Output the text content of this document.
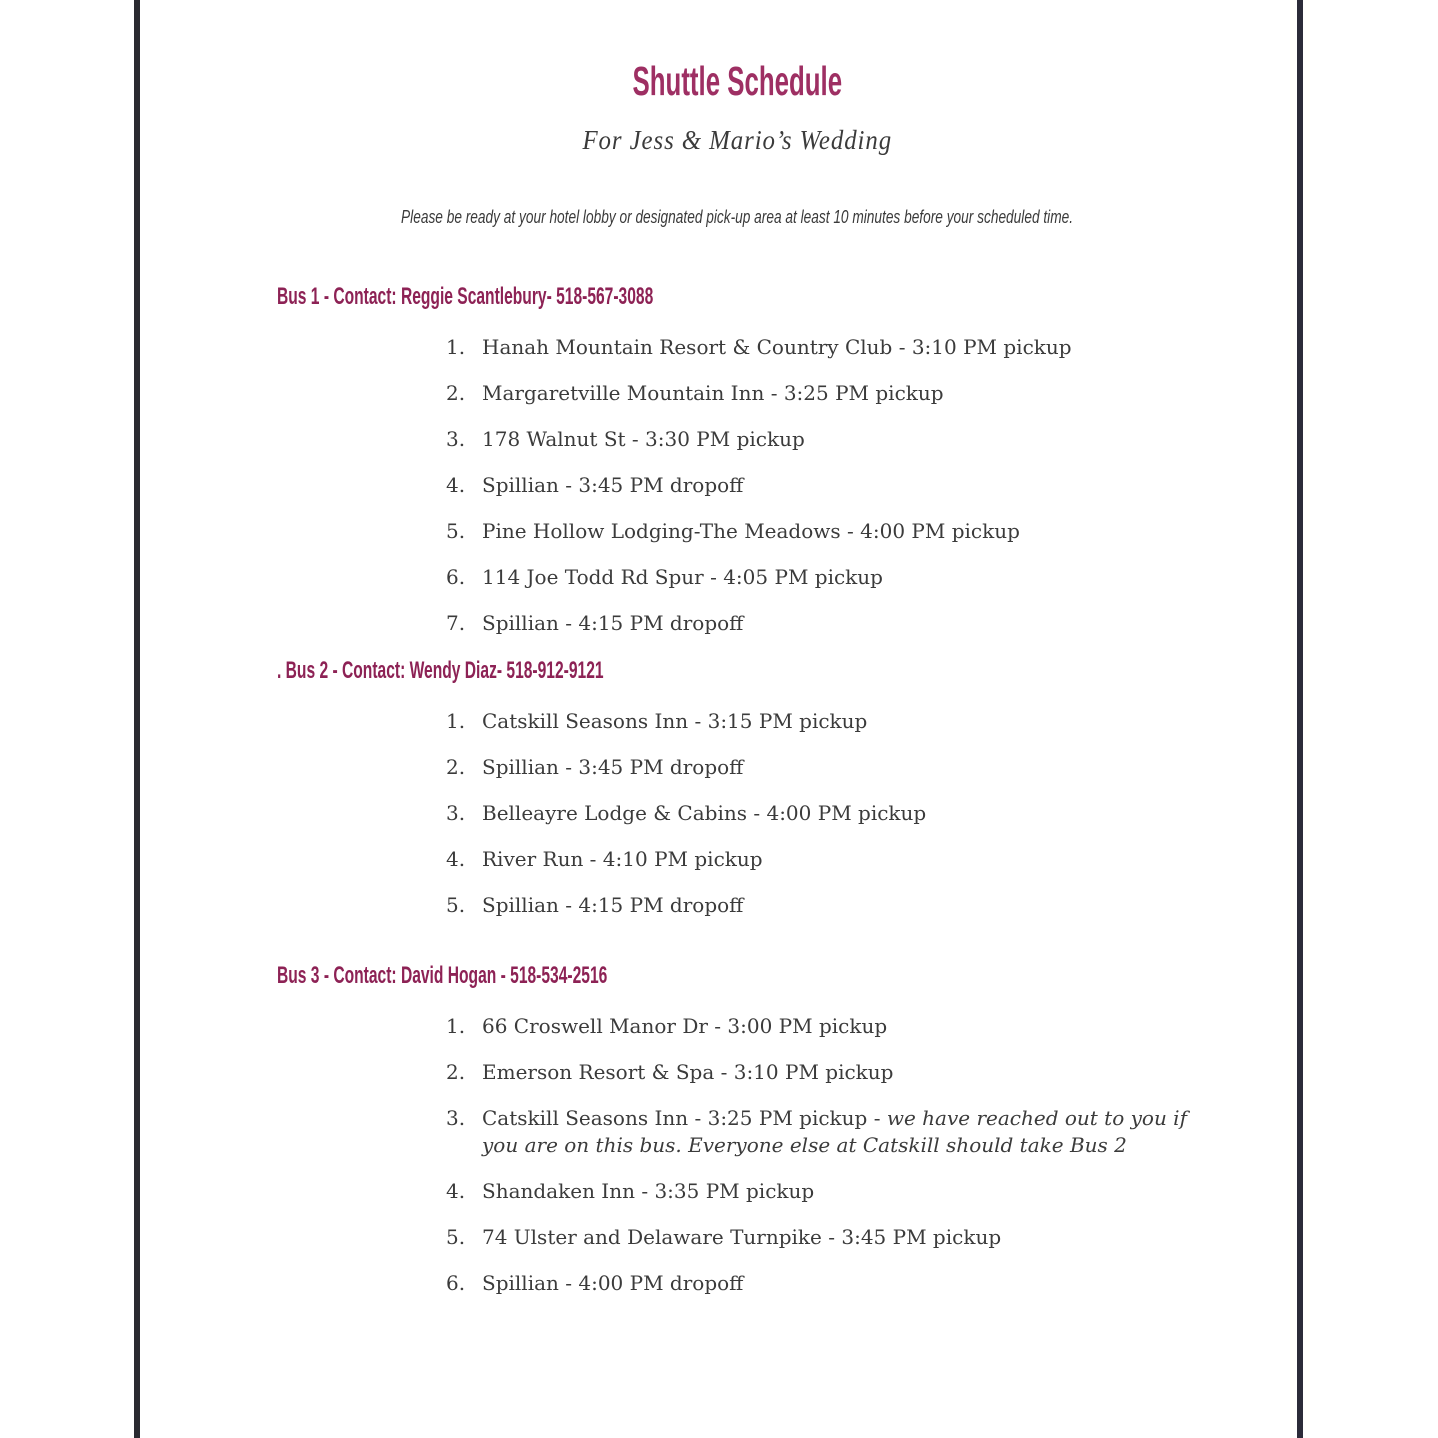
Shuttle Schedule
For Jess & Mario’s Wedding
Please be ready at your hotel lobby or designated pick-up area at least 10 minutes before your scheduled time.
Bus 1 - Contact: Reggie Scantlebury- 518-567-3088
1. Hanah Mountain Resort & Country Club - 3:10 PM pickup
2. Margaretville Mountain Inn - 3:25 PM pickup
3. 178 Walnut St - 3:30 PM pickup
4. Spillian - 3:45 PM dropoff
5. Pine Hollow Lodging-The Meadows - 4:00 PM pickup
6. 114 Joe Todd Rd Spur - 4:05 PM pickup
7. Spillian - 4:15 PM dropoff
. Bus 2 - Contact: Wendy Diaz- 518-912-9121
1. Catskill Seasons Inn - 3:15 PM pickup
2. Spillian - 3:45 PM dropoff
3. Belleayre Lodge & Cabins - 4:00 PM pickup
4. River Run - 4:10 PM pickup
5. Spillian - 4:15 PM dropoff
Bus 3 - Contact: David Hogan - 518-534-2516
1. 66 Croswell Manor Dr - 3:00 PM pickup
2. Emerson Resort & Spa - 3:10 PM pickup
3. Catskill Seasons Inn - 3:25 PM pickup - we have reached out to you if you are on this bus. Everyone else at Catskill should take Bus 2
4. Shandaken Inn - 3:35 PM pickup
5. 74 Ulster and Delaware Turnpike - 3:45 PM pickup
6. Spillian - 4:00 PM dropoff
